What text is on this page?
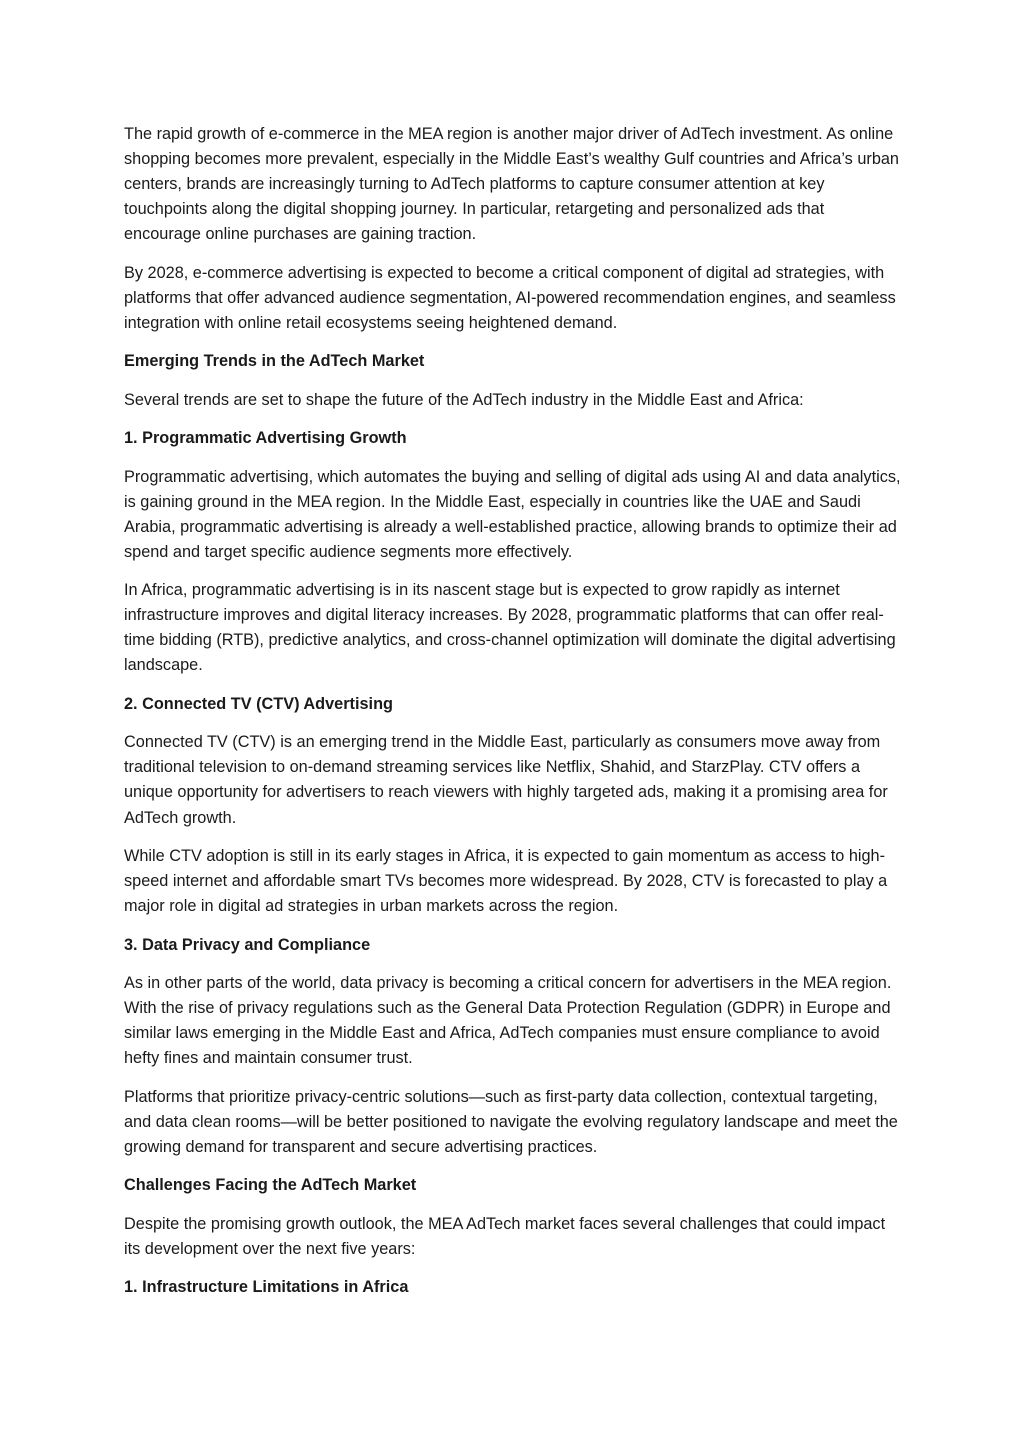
The rapid growth of e-commerce in the MEA region is another major driver of AdTech investment. As online shopping becomes more prevalent, especially in the Middle East’s wealthy Gulf countries and Africa’s urban centers, brands are increasingly turning to AdTech platforms to capture consumer attention at key touchpoints along the digital shopping journey. In particular, retargeting and personalized ads that encourage online purchases are gaining traction.

By 2028, e-commerce advertising is expected to become a critical component of digital ad strategies, with platforms that offer advanced audience segmentation, AI-powered recommendation engines, and seamless integration with online retail ecosystems seeing heightened demand.

Emerging Trends in the AdTech Market

Several trends are set to shape the future of the AdTech industry in the Middle East and Africa:

1. Programmatic Advertising Growth

Programmatic advertising, which automates the buying and selling of digital ads using AI and data analytics, is gaining ground in the MEA region. In the Middle East, especially in countries like the UAE and Saudi Arabia, programmatic advertising is already a well-established practice, allowing brands to optimize their ad spend and target specific audience segments more effectively.

In Africa, programmatic advertising is in its nascent stage but is expected to grow rapidly as internet infrastructure improves and digital literacy increases. By 2028, programmatic platforms that can offer real-time bidding (RTB), predictive analytics, and cross-channel optimization will dominate the digital advertising landscape.

2. Connected TV (CTV) Advertising

Connected TV (CTV) is an emerging trend in the Middle East, particularly as consumers move away from traditional television to on-demand streaming services like Netflix, Shahid, and StarzPlay. CTV offers a unique opportunity for advertisers to reach viewers with highly targeted ads, making it a promising area for AdTech growth.

While CTV adoption is still in its early stages in Africa, it is expected to gain momentum as access to high-speed internet and affordable smart TVs becomes more widespread. By 2028, CTV is forecasted to play a major role in digital ad strategies in urban markets across the region.

3. Data Privacy and Compliance

As in other parts of the world, data privacy is becoming a critical concern for advertisers in the MEA region. With the rise of privacy regulations such as the General Data Protection Regulation (GDPR) in Europe and similar laws emerging in the Middle East and Africa, AdTech companies must ensure compliance to avoid hefty fines and maintain consumer trust.

Platforms that prioritize privacy-centric solutions—such as first-party data collection, contextual targeting, and data clean rooms—will be better positioned to navigate the evolving regulatory landscape and meet the growing demand for transparent and secure advertising practices.

Challenges Facing the AdTech Market

Despite the promising growth outlook, the MEA AdTech market faces several challenges that could impact its development over the next five years:

1. Infrastructure Limitations in Africa
